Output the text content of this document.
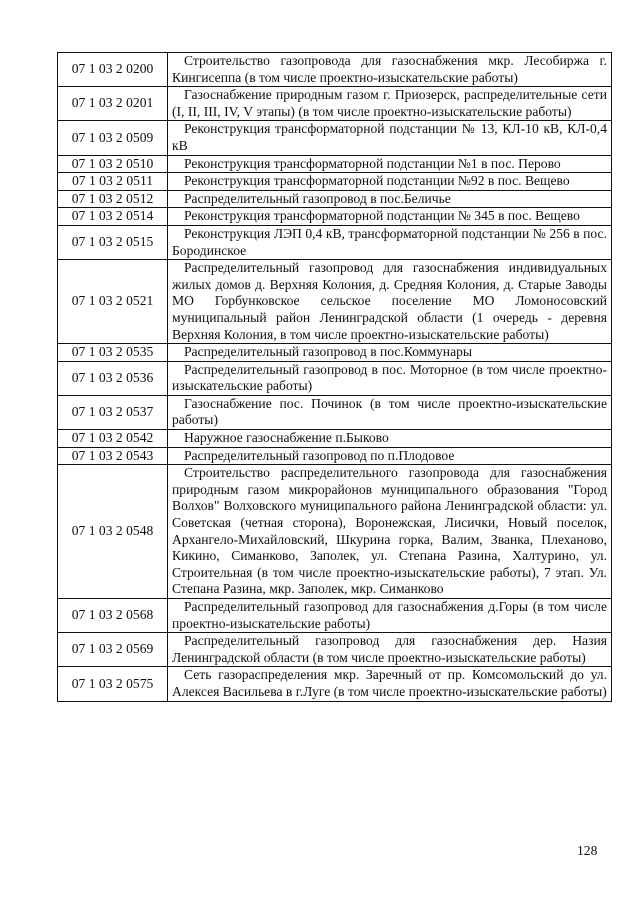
07 1 03 2 0200	Строительство газопровода для газоснабжения мкр. Лесобиржа г. Кингисеппа (в том числе проектно-изыскательские работы)
07 1 03 2 0201	Газоснабжение природным газом г. Приозерск, распределительные сети (I, II, III, IV, V этапы) (в том числе проектно-изыскательские работы)
07 1 03 2 0509	Реконструкция трансформаторной подстанции № 13, КЛ-10 кВ, КЛ-0,4 кВ
07 1 03 2 0510	Реконструкция трансформаторной подстанции №1 в пос. Перово
07 1 03 2 0511	Реконструкция трансформаторной подстанции №92 в пос. Вещево
07 1 03 2 0512	Распределительный газопровод в пос.Беличье
07 1 03 2 0514	Реконструкция трансформаторной подстанции № 345 в пос. Вещево
07 1 03 2 0515	Реконструкция ЛЭП 0,4 кВ, трансформаторной подстанции № 256 в пос. Бородинское
07 1 03 2 0521	Распределительный газопровод для газоснабжения индивидуальных жилых домов д. Верхняя Колония, д. Средняя Колония, д. Старые Заводы МО Горбунковское сельское поселение МО Ломоносовский муниципальный район Ленинградской области (1 очередь - деревня Верхняя Колония, в том числе проектно-изыскательские работы)
07 1 03 2 0535	Распределительный газопровод в пос.Коммунары
07 1 03 2 0536	Распределительный газопровод в пос. Моторное (в том числе проектно-изыскательские работы)
07 1 03 2 0537	Газоснабжение пос. Починок (в том числе проектно-изыскательские работы)
07 1 03 2 0542	Наружное газоснабжение п.Быково
07 1 03 2 0543	Распределительный газопровод по п.Плодовое
07 1 03 2 0548	Строительство распределительного газопровода для газоснабжения природным газом микрорайонов муниципального образования "Город Волхов" Волховского муниципального района Ленинградской области: ул. Советская (четная сторона), Воронежская, Лисички, Новый поселок, Архангело-Михайловский, Шкурина горка, Валим, Званка, Плеханово, Кикино, Симанково, Заполек, ул. Степана Разина, Халтурино, ул. Строительная (в том числе проектно-изыскательские работы), 7 этап. Ул. Степана Разина, мкр. Заполек, мкр. Симанково
07 1 03 2 0568	Распределительный газопровод для газоснабжения д.Горы (в том числе проектно-изыскательские работы)
07 1 03 2 0569	Распределительный газопровод для газоснабжения дер. Назия Ленинградской области (в том числе проектно-изыскательские работы)
07 1 03 2 0575	Сеть газораспределения мкр. Заречный от пр. Комсомольский до ул. Алексея Васильева в г.Луге (в том числе проектно-изыскательские работы)
128
